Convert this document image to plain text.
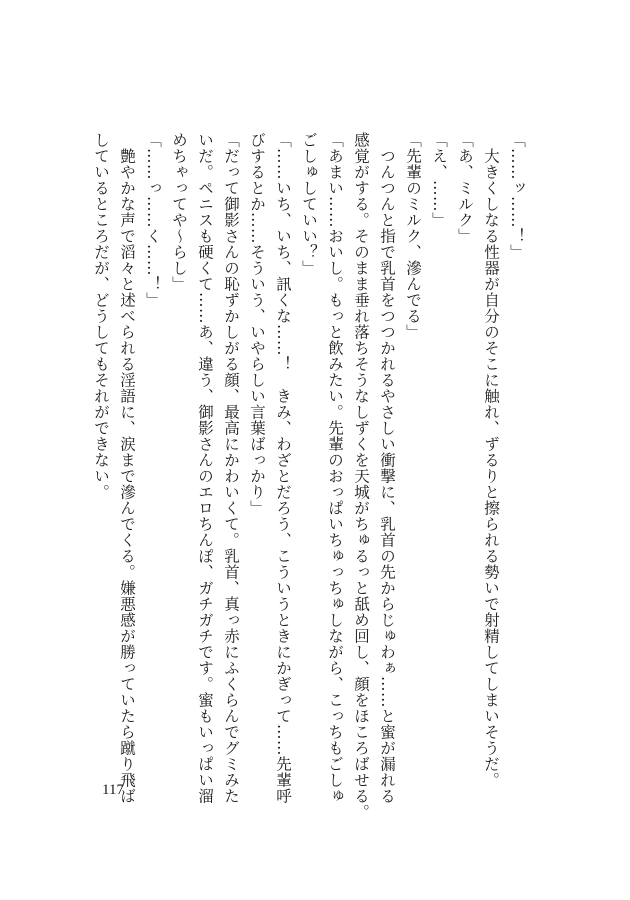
「……ッ……！」
大きくしなる性器が自分のそこに触れ、ずるりと擦られる勢いで射精してしまいそうだ。
「あ、ミルク」
「え、……」
「先輩のミルク、滲んでる」
つんつんと指で乳首をつつかれるやさしい衝撃に、乳首の先からじゅわぁ……と蜜が漏れる
感覚がする。そのまま垂れ落ちそうなしずくを天城がちゅるっと舐め回し、顔をほころばせる。
「あまい……おいし。もっと飲みたい。先輩のおっぱいちゅっちゅしながら、こっちもごしゅ
ごしゅしていい？」
「……いち、いち、訊くな……！　きみ、わざとだろう、こういうときにかぎって……先輩呼
びするとか……そういう、いやらしい言葉ばっかり」
「だって御影さんの恥ずかしがる顔、最高にかわいくて。乳首、真っ赤にふくらんでグミみた
いだ。ペニスも硬くて……あ、違う、御影さんのエロちんぽ、ガチガチです。蜜もいっぱい溜
めちゃってや～らし」
「……っ……く……！」
艶やかな声で滔々と述べられる淫語に、涙まで滲んでくる。嫌悪感が勝っていたら蹴り飛ば
しているところだが、どうしてもそれができない。
117
